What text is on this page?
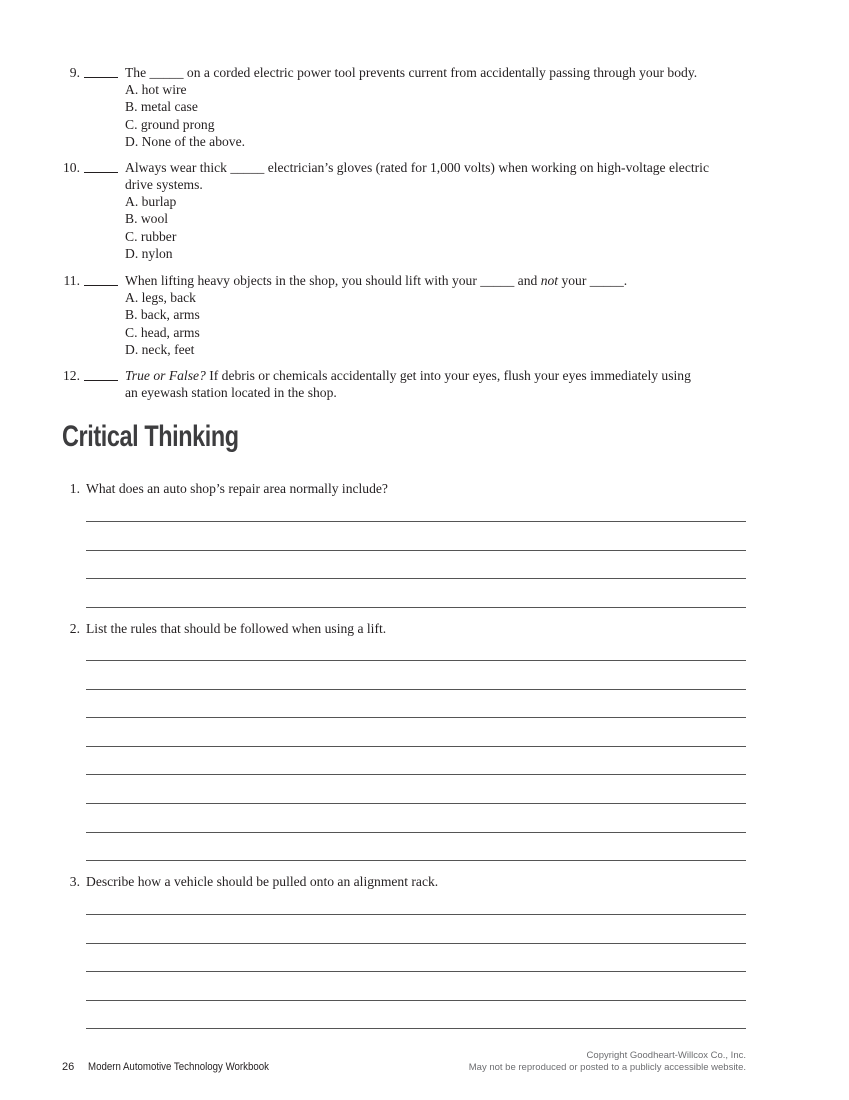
9.	The _____ on a corded electric power tool prevents current from accidentally passing through your body.
A. hot wire
B. metal case
C. ground prong
D. None of the above.
10.	Always wear thick _____ electrician’s gloves (rated for 1,000 volts) when working on high-voltage electric
drive systems.
A. burlap
B. wool
C. rubber
D. nylon
11.	When lifting heavy objects in the shop, you should lift with your _____ and not your _____.
A. legs, back
B. back, arms
C. head, arms
D. neck, feet
12.	True or False? If debris or chemicals accidentally get into your eyes, flush your eyes immediately using
an eyewash station located in the shop.
Critical Thinking
1. What does an auto shop’s repair area normally include?
2. List the rules that should be followed when using a lift.
3. Describe how a vehicle should be pulled onto an alignment rack.
26 Modern Automotive Technology Workbook
Copyright Goodheart-Willcox Co., Inc.
May not be reproduced or posted to a publicly accessible website.
